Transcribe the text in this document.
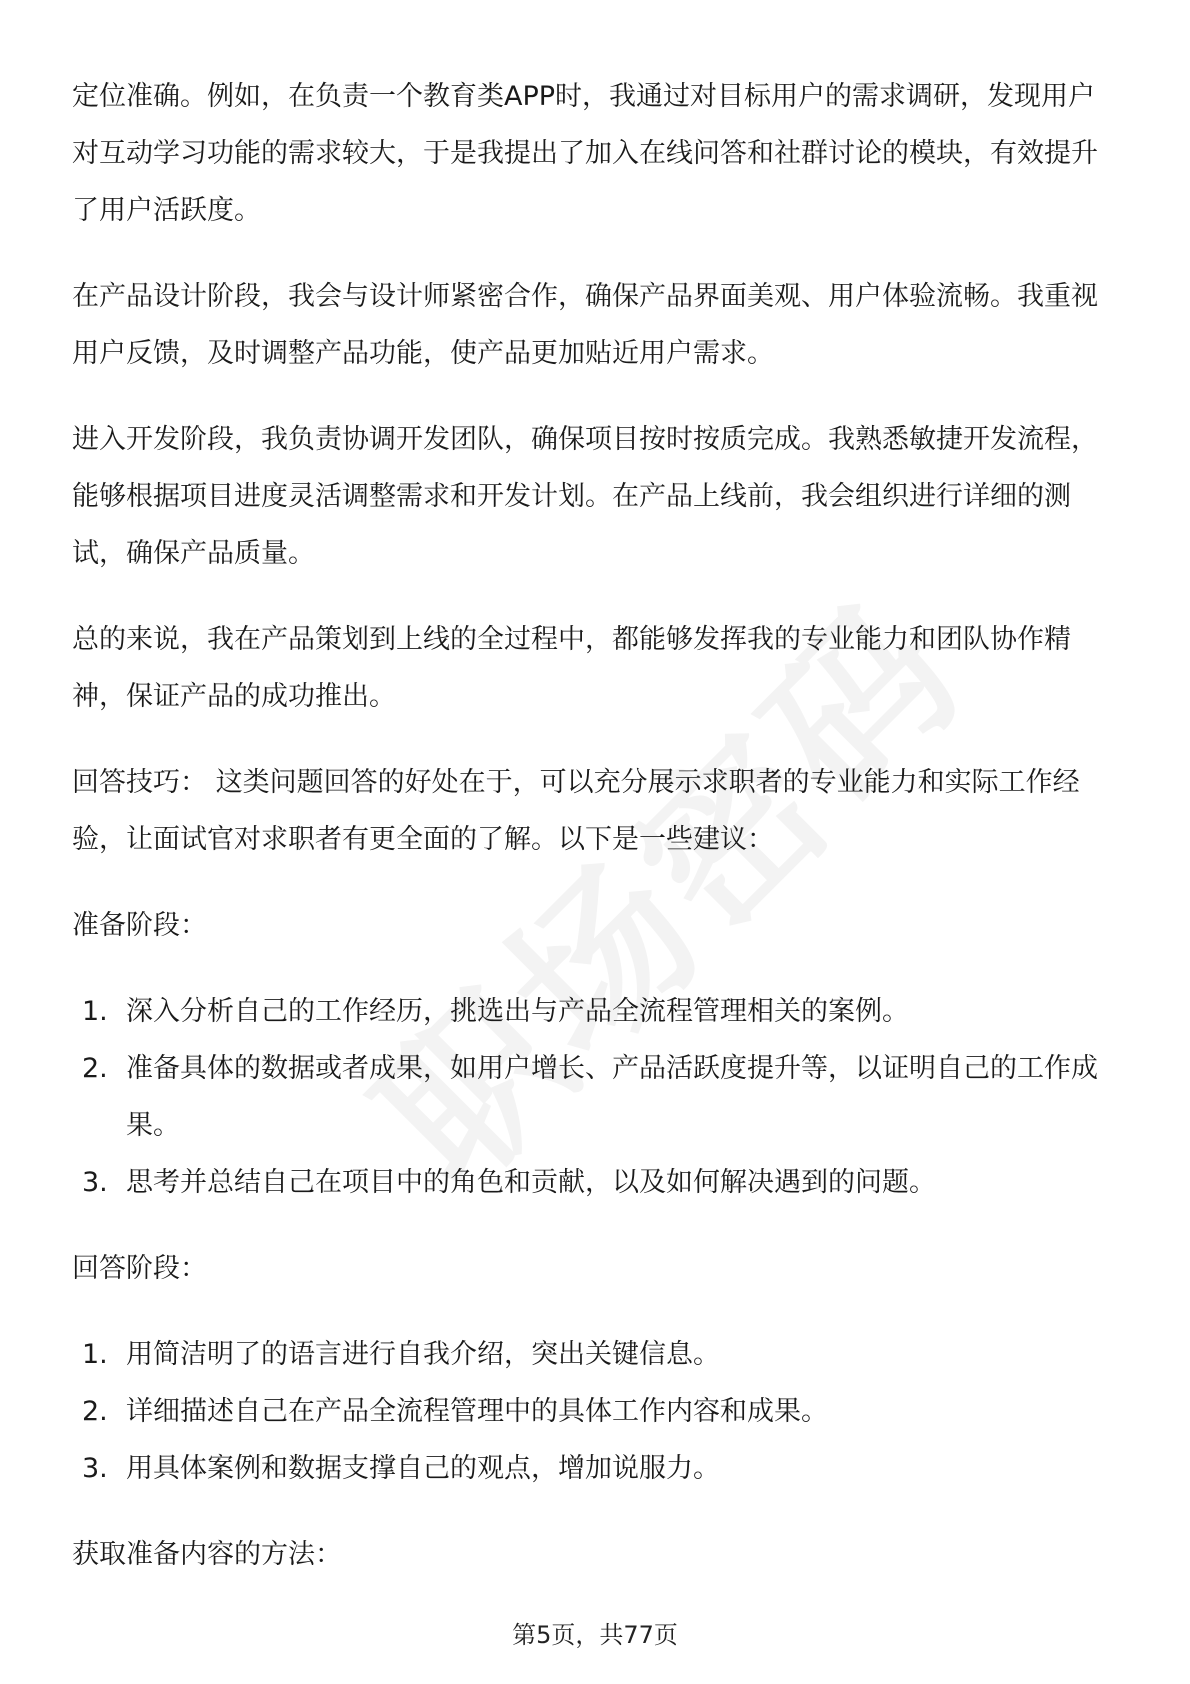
定位准确。例如，在负责一个教育类APP时，我通过对目标用户的需求调研，发现用户对互动学习功能的需求较大，于是我提出了加入在线问答和社群讨论的模块，有效提升了用户活跃度。

在产品设计阶段，我会与设计师紧密合作，确保产品界面美观、用户体验流畅。我重视用户反馈，及时调整产品功能，使产品更加贴近用户需求。

进入开发阶段，我负责协调开发团队，确保项目按时按质完成。我熟悉敏捷开发流程，能够根据项目进度灵活调整需求和开发计划。在产品上线前，我会组织进行详细的测试，确保产品质量。

总的来说，我在产品策划到上线的全过程中，都能够发挥我的专业能力和团队协作精神，保证产品的成功推出。

回答技巧： 这类问题回答的好处在于，可以充分展示求职者的专业能力和实际工作经验，让面试官对求职者有更全面的了解。以下是一些建议：

准备阶段：

1. 深入分析自己的工作经历，挑选出与产品全流程管理相关的案例。
2. 准备具体的数据或者成果，如用户增长、产品活跃度提升等，以证明自己的工作成果。
3. 思考并总结自己在项目中的角色和贡献，以及如何解决遇到的问题。

回答阶段：

1. 用简洁明了的语言进行自我介绍，突出关键信息。
2. 详细描述自己在产品全流程管理中的具体工作内容和成果。
3. 用具体案例和数据支撑自己的观点，增加说服力。

获取准备内容的方法：

第5页，共77页
